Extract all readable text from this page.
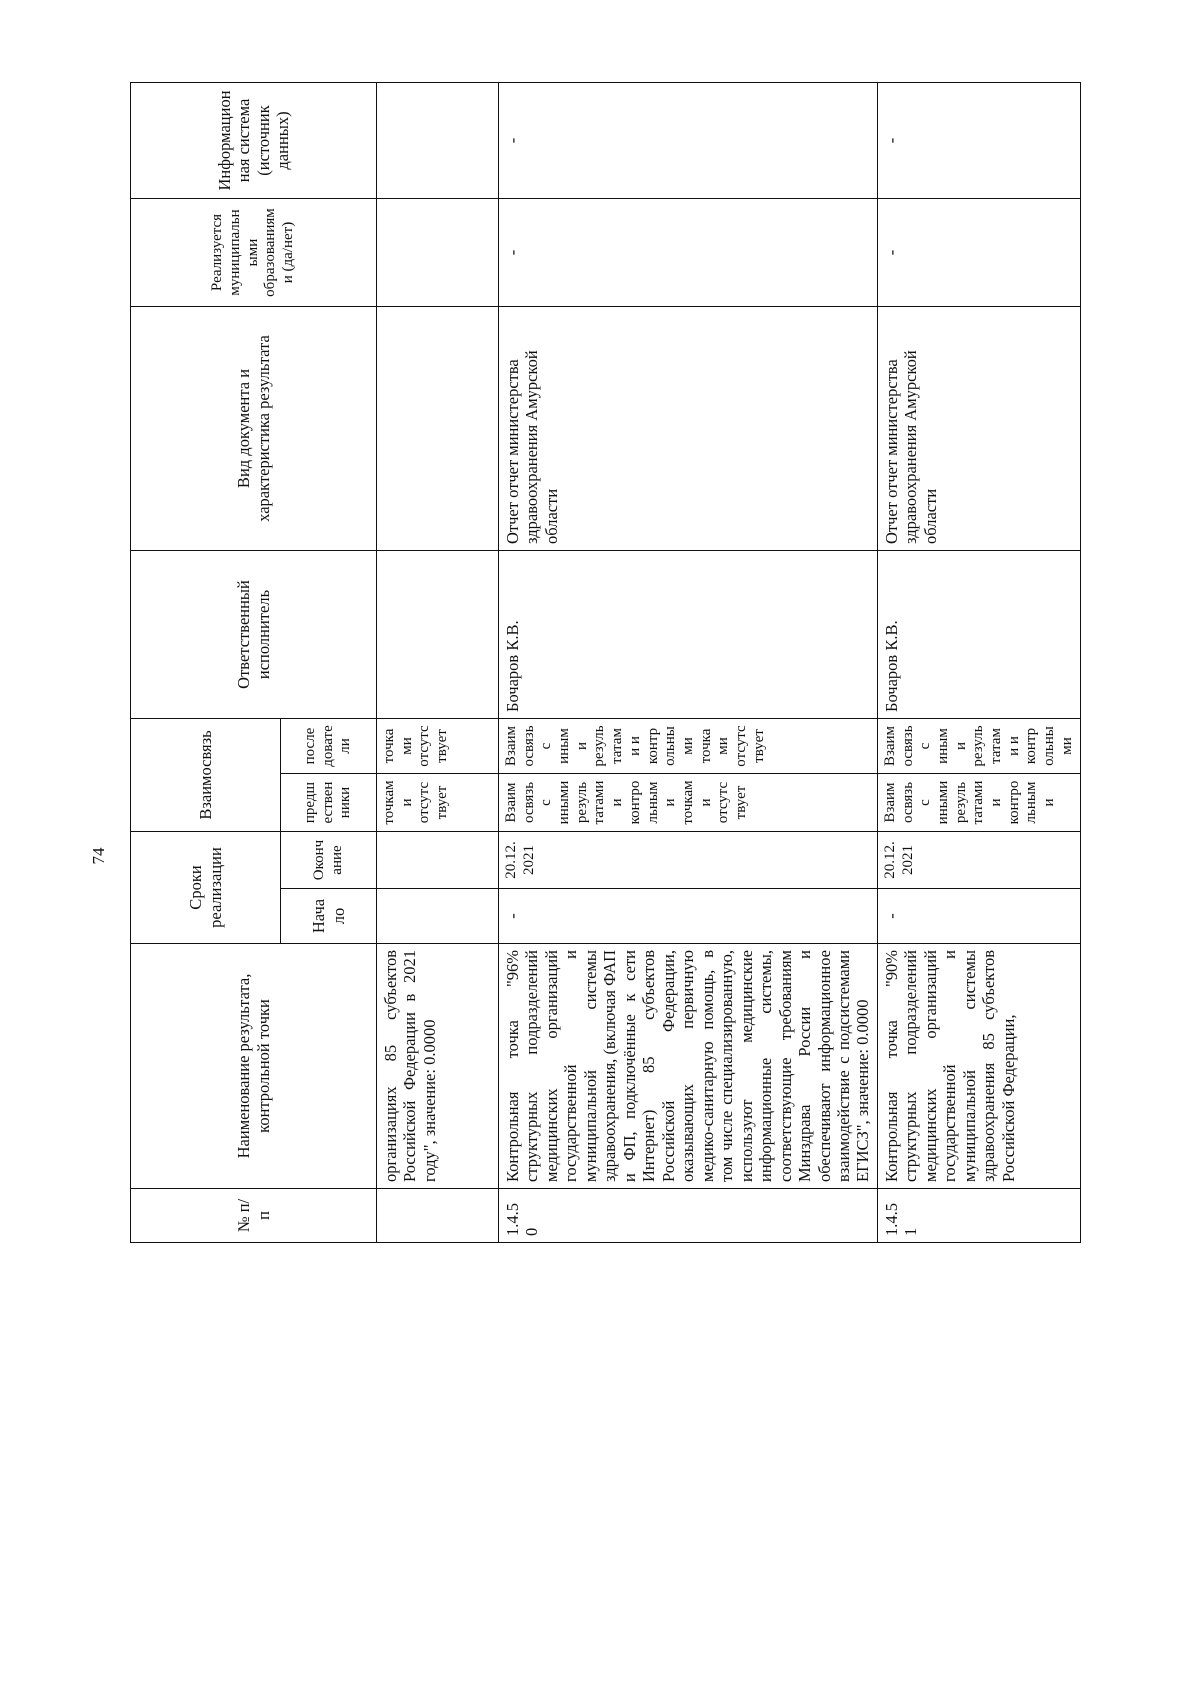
74
№ п/п	Наименование результата, контрольной точки	Сроки реализации		Взаимосвязь		Ответственный исполнитель	Вид документа и характеристика результата	Реализуется муниципальными образованиями (да/нет)	Информационная система (источник данных)
		Начало	Окончание	предшественники	последователи				
	организациях 85 субъектов Российской Федерации в 2021 году", значение: 0.0000			точками отсутствует	точками отсутствует				
1.4.50	Контрольная точка "96% структурных подразделений медицинских организаций государственной и муниципальной системы здравоохранения, (включая ФАП и ФП, подключённые к сети Интернет) 85 субъектов Российской Федерации, оказывающих первичную медико-санитарную помощь, в том числе специализированную, используют медицинские информационные системы, соответствующие требованиям Минздрава России и обеспечивают информационное взаимодействие с подсистемами ЕГИСЗ", значение: 0.0000	-	20.12.2021	Взаимосвязь с иными результатами и контрольными точками отсутствует	Взаимосвязь с иными результатами и контрольными точками отсутствует	Бочаров К.В.	Отчет отчет министерства здравоохранения Амурской области	-	-
1.4.51	Контрольная точка "90% структурных подразделений медицинских организаций государственной и муниципальной системы здравоохранения 85 субъектов Российской Федерации,	-	20.12.2021	Взаимосвязь с иными результатами и контрольными	Взаимосвязь с иными результатами и контрольными	Бочаров К.В.	Отчет отчет министерства здравоохранения Амурской области	-	-
